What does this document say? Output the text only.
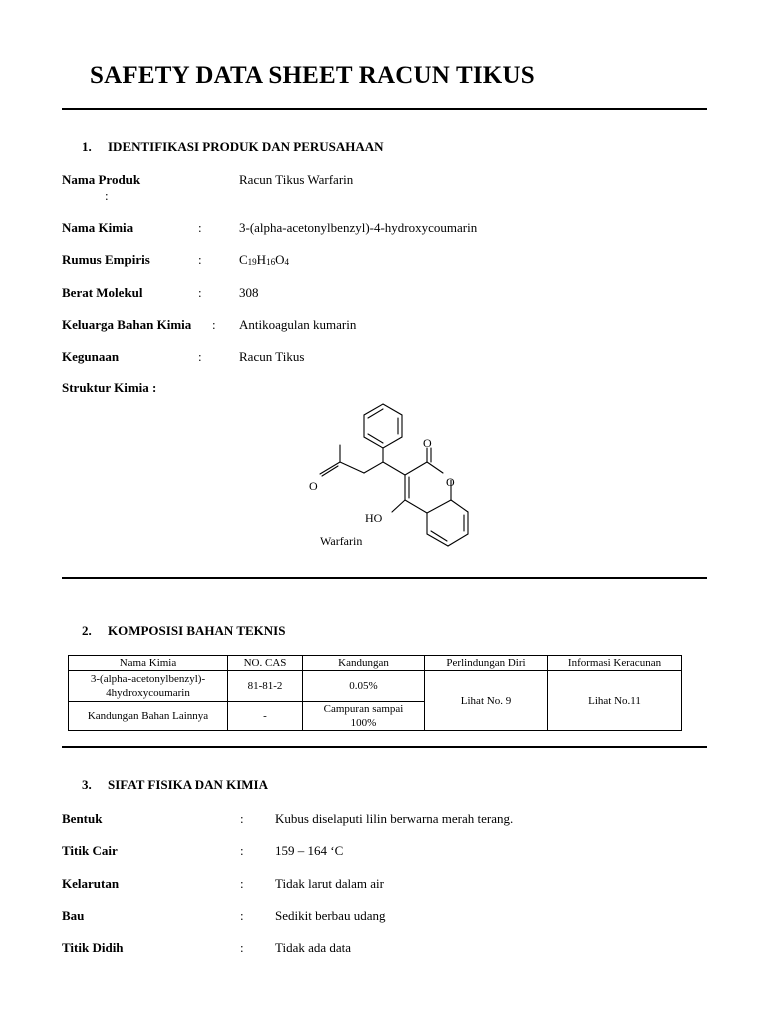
SAFETY DATA SHEET RACUN TIKUS
1. IDENTIFIKASI PRODUK DAN PERUSAHAAN
Nama Produk
:
Racun Tikus Warfarin
Nama Kimia	:	3-(alpha-acetonylbenzyl)-4-hydroxycoumarin
Rumus Empiris	:	$C_{19}H_{16}O_4$
Berat Molekul	:	308
Keluarga Bahan Kimia : Antikoagulan kumarin
Kegunaan	:	Racun Tikus
Struktur Kimia :
O
O
O
HO
Warfarin
2. KOMPOSISI BAHAN TEKNIS
Nama Kimia	NO. CAS	Kandungan	Perlindungan Diri	Informasi Keracunan
3-(alpha-acetonylbenzyl)-
4hydroxycoumarin	81-81-2	0.05%	Lihat No. 9	Lihat No.11
Kandungan Bahan Lainnya	-	Campuran sampai
100%		
3. SIFAT FISIKA DAN KIMIA
Bentuk	: Kubus diselaputi lilin berwarna merah terang.
Titik Cair	: 159 – 164 ‘C
Kelarutan	: Tidak larut dalam air
Bau	: Sedikit berbau udang
Titik Didih	: Tidak ada data
